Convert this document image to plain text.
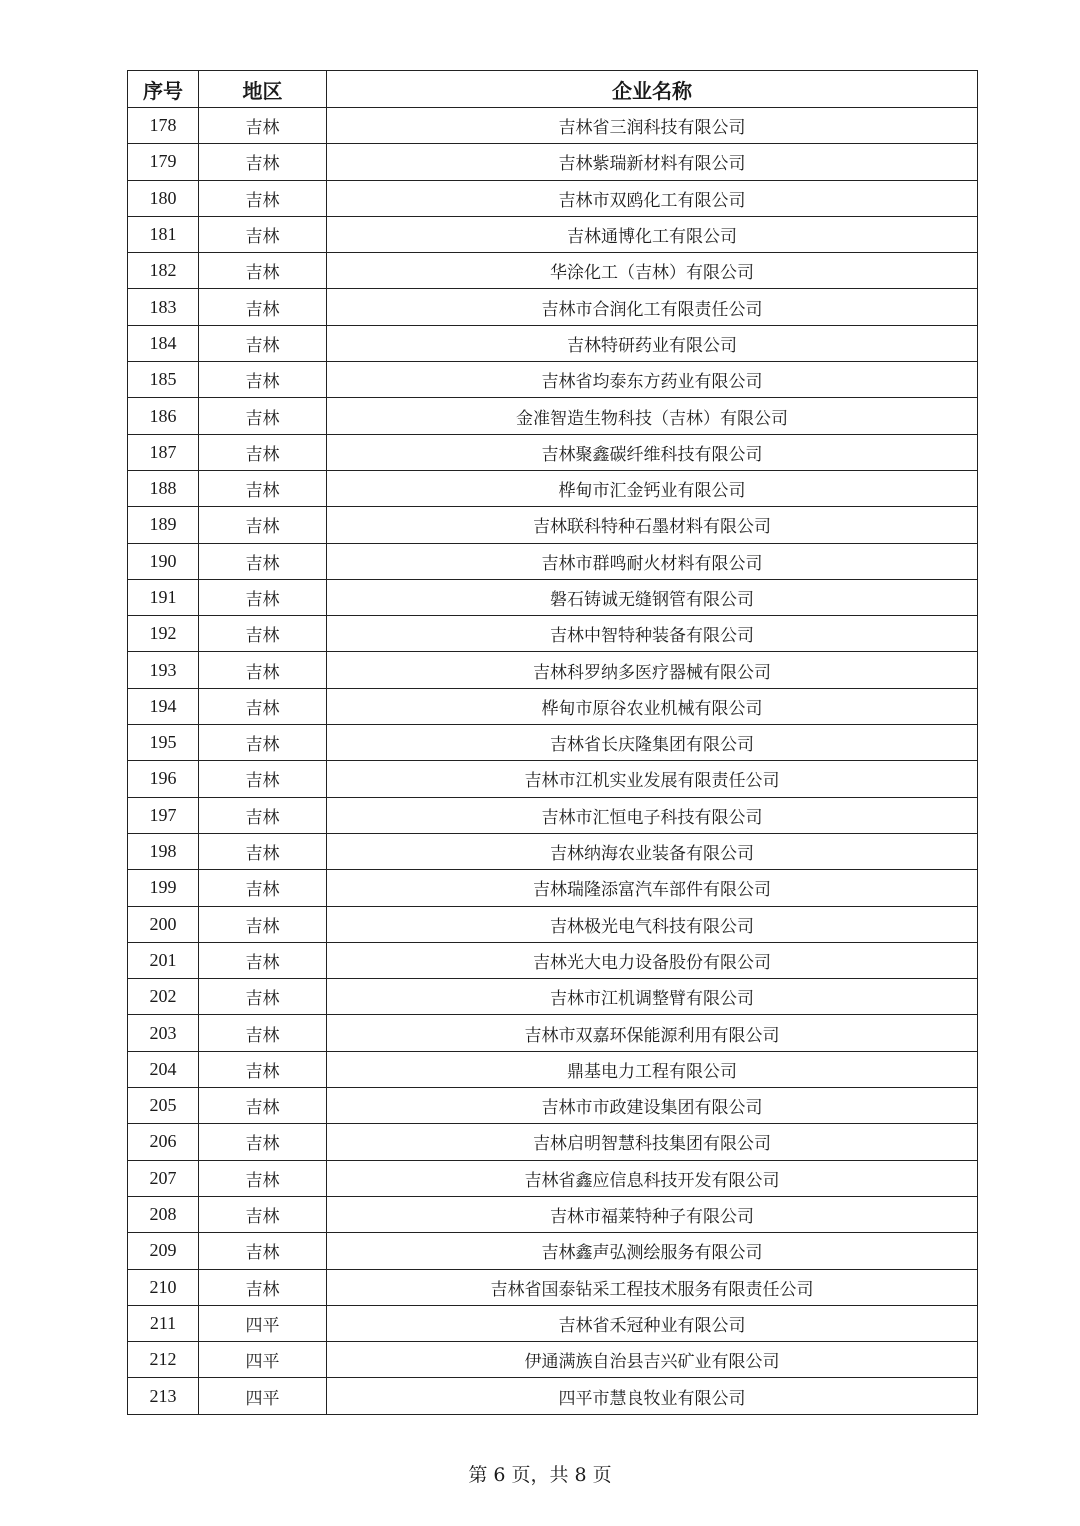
序号	地区	企业名称
178	吉林	吉林省三润科技有限公司
179	吉林	吉林紫瑞新材料有限公司
180	吉林	吉林市双鸥化工有限公司
181	吉林	吉林通博化工有限公司
182	吉林	华涂化工（吉林）有限公司
183	吉林	吉林市合润化工有限责任公司
184	吉林	吉林特研药业有限公司
185	吉林	吉林省均泰东方药业有限公司
186	吉林	金准智造生物科技（吉林）有限公司
187	吉林	吉林聚鑫碳纤维科技有限公司
188	吉林	桦甸市汇金钙业有限公司
189	吉林	吉林联科特种石墨材料有限公司
190	吉林	吉林市群鸣耐火材料有限公司
191	吉林	磐石铸诚无缝钢管有限公司
192	吉林	吉林中智特种装备有限公司
193	吉林	吉林科罗纳多医疗器械有限公司
194	吉林	桦甸市原谷农业机械有限公司
195	吉林	吉林省长庆隆集团有限公司
196	吉林	吉林市江机实业发展有限责任公司
197	吉林	吉林市汇恒电子科技有限公司
198	吉林	吉林纳海农业装备有限公司
199	吉林	吉林瑞隆添富汽车部件有限公司
200	吉林	吉林极光电气科技有限公司
201	吉林	吉林光大电力设备股份有限公司
202	吉林	吉林市江机调整臂有限公司
203	吉林	吉林市双嘉环保能源利用有限公司
204	吉林	鼎基电力工程有限公司
205	吉林	吉林市市政建设集团有限公司
206	吉林	吉林启明智慧科技集团有限公司
207	吉林	吉林省鑫应信息科技开发有限公司
208	吉林	吉林市福莱特种子有限公司
209	吉林	吉林鑫声弘测绘服务有限公司
210	吉林	吉林省国泰钻采工程技术服务有限责任公司
211	四平	吉林省禾冠种业有限公司
212	四平	伊通满族自治县吉兴矿业有限公司
213	四平	四平市慧良牧业有限公司
第 6 页，共 8 页
